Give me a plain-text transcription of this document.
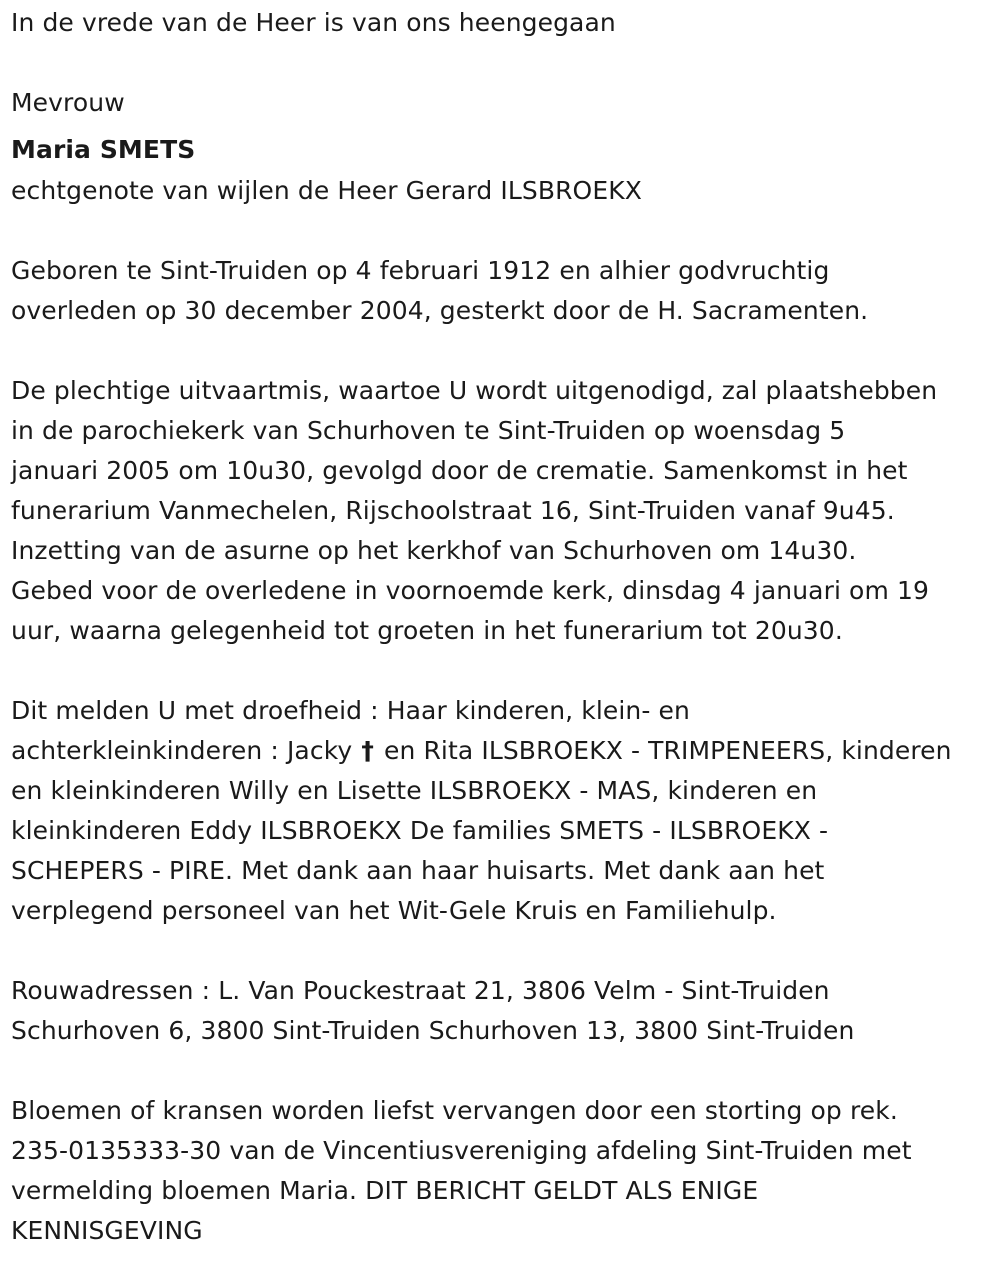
In de vrede van de Heer is van ons heengegaan
Mevrouw
Maria SMETS
echtgenote van wijlen de Heer Gerard ILSBROEKX
Geboren te Sint-Truiden op 4 februari 1912 en alhier godvruchtig
overleden op 30 december 2004, gesterkt door de H. Sacramenten.
De plechtige uitvaartmis, waartoe U wordt uitgenodigd, zal plaatshebben
in de parochiekerk van Schurhoven te Sint-Truiden op woensdag 5
januari 2005 om 10u30, gevolgd door de crematie. Samenkomst in het
funerarium Vanmechelen, Rijschoolstraat 16, Sint-Truiden vanaf 9u45.
Inzetting van de asurne op het kerkhof van Schurhoven om 14u30.
Gebed voor de overledene in voornoemde kerk, dinsdag 4 januari om 19
uur, waarna gelegenheid tot groeten in het funerarium tot 20u30.
Dit melden U met droefheid : Haar kinderen, klein- en
achterkleinkinderen : Jacky † en Rita ILSBROEKX - TRIMPENEERS, kinderen
en kleinkinderen Willy en Lisette ILSBROEKX - MAS, kinderen en
kleinkinderen Eddy ILSBROEKX De families SMETS - ILSBROEKX -
SCHEPERS - PIRE. Met dank aan haar huisarts. Met dank aan het
verplegend personeel van het Wit-Gele Kruis en Familiehulp.
Rouwadressen : L. Van Pouckestraat 21, 3806 Velm - Sint-Truiden
Schurhoven 6, 3800 Sint-Truiden Schurhoven 13, 3800 Sint-Truiden
Bloemen of kransen worden liefst vervangen door een storting op rek.
235-0135333-30 van de Vincentiusvereniging afdeling Sint-Truiden met
vermelding bloemen Maria. DIT BERICHT GELDT ALS ENIGE
KENNISGEVING
